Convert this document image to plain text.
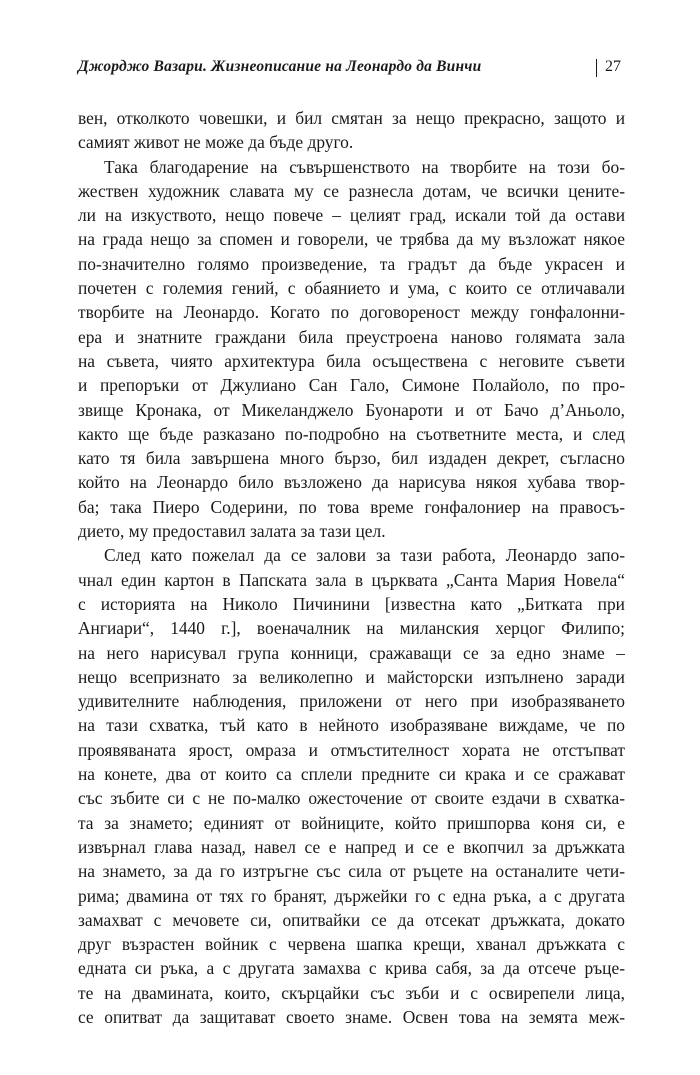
Джорджо Вазари. Жизнеописание на Леонардо да Винчи	27
вен, отколкото човешки, и бил смятан за нещо прекрасно, защото и
самият живот не може да бъде друго.
Така благодарение на съвършенството на творбите на този бо-
жествен художник славата му се разнесла дотам, че всички цените-
ли на изкуството, нещо повече – целият град, искали той да остави
на града нещо за спомен и говорели, че трябва да му възложат някое
по-значително голямо произведение, та градът да бъде украсен и
почетен с големия гений, с обаянието и ума, с които се отличавали
творбите на Леонардо. Когато по договореност между гонфалонни-
ера и знатните граждани била преустроена наново голямата зала
на съвета, чиято архитектура била осъществена с неговите съвети
и препоръки от Джулиано Сан Гало, Симоне Полайоло, по про-
звище Кронака, от Микеланджело Буонароти и от Бачо д’Аньоло,
както ще бъде разказано по-подробно на съответните места, и след
като тя била завършена много бързо, бил издаден декрет, съгласно
който на Леонардо било възложено да нарисува някоя хубава твор-
ба; така Пиеро Содерини, по това време гонфалониер на правосъ-
дието, му предоставил залата за тази цел.
След като пожелал да се залови за тази работа, Леонардо запо-
чнал един картон в Папската зала в църквата „Санта Мария Новела“
с историята на Николо Пичинини [известна като „Битката при
Ангиари“, 1440 г.], военачалник на миланския херцог Филипо;
на него нарисувал група конници, сражаващи се за едно знаме –
нещо всепризнато за великолепно и майсторски изпълнено заради
удивителните наблюдения, приложени от него при изобразяването
на тази схватка, тъй като в нейното изобразяване виждаме, че по
проявяваната ярост, омраза и отмъстителност хората не отстъпват
на конете, два от които са сплели предните си крака и се сражават
със зъбите си с не по-малко ожесточение от своите ездачи в схватка-
та за знамето; единият от войниците, който пришпорва коня си, е
извърнал глава назад, навел се е напред и се е вкопчил за дръжката
на знамето, за да го изтръгне със сила от ръцете на останалите чети-
рима; двамина от тях го бранят, държейки го с една ръка, а с другата
замахват с мечовете си, опитвайки се да отсекат дръжката, докато
друг възрастен войник с червена шапка крещи, хванал дръжката с
едната си ръка, а с другата замахва с крива сабя, за да отсече ръце-
те на двамината, които, скърцайки със зъби и с освирепели лица,
се опитват да защитават своето знаме. Освен това на земята меж-
